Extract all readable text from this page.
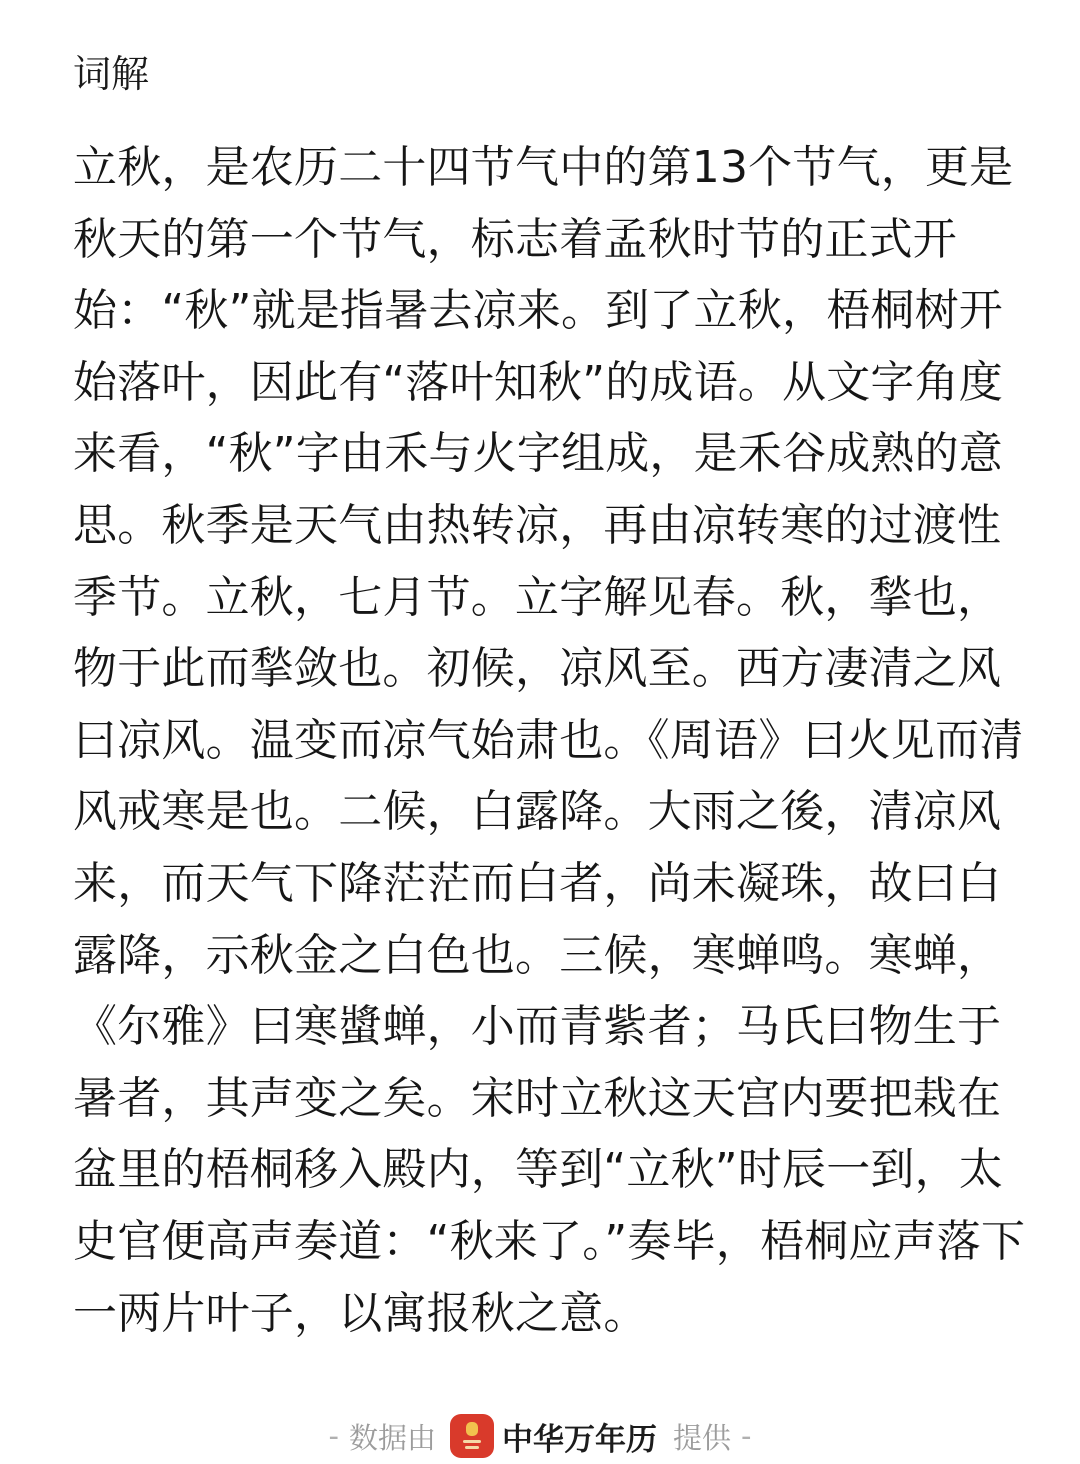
词解

立秋，是农历二十四节气中的第13个节气，更是秋天的第一个节气，标志着孟秋时节的正式开始：“秋”就是指暑去凉来。到了立秋，梧桐树开始落叶，因此有“落叶知秋”的成语。从文字角度来看，“秋”字由禾与火字组成，是禾谷成熟的意思。秋季是天气由热转凉，再由凉转寒的过渡性季节。立秋，七月节。立字解见春。秋，揫也，物于此而揫敛也。初候，凉风至。西方凄清之风曰凉风。温变而凉气始肃也。《周语》曰火见而清风戒寒是也。二候，白露降。大雨之後，清凉风来，而天气下降茫茫而白者，尚未凝珠，故曰白露降，示秋金之白色也。三候，寒蝉鸣。寒蝉，《尔雅》曰寒螿蝉，小而青紫者；马氏曰物生于暑者，其声变之矣。宋时立秋这天宫内要把栽在盆里的梧桐移入殿内，等到“立秋”时辰一到，太史官便高声奏道：“秋来了。”奏毕，梧桐应声落下一两片叶子，以寓报秋之意。

- 数据由 中华万年历 提供 -
